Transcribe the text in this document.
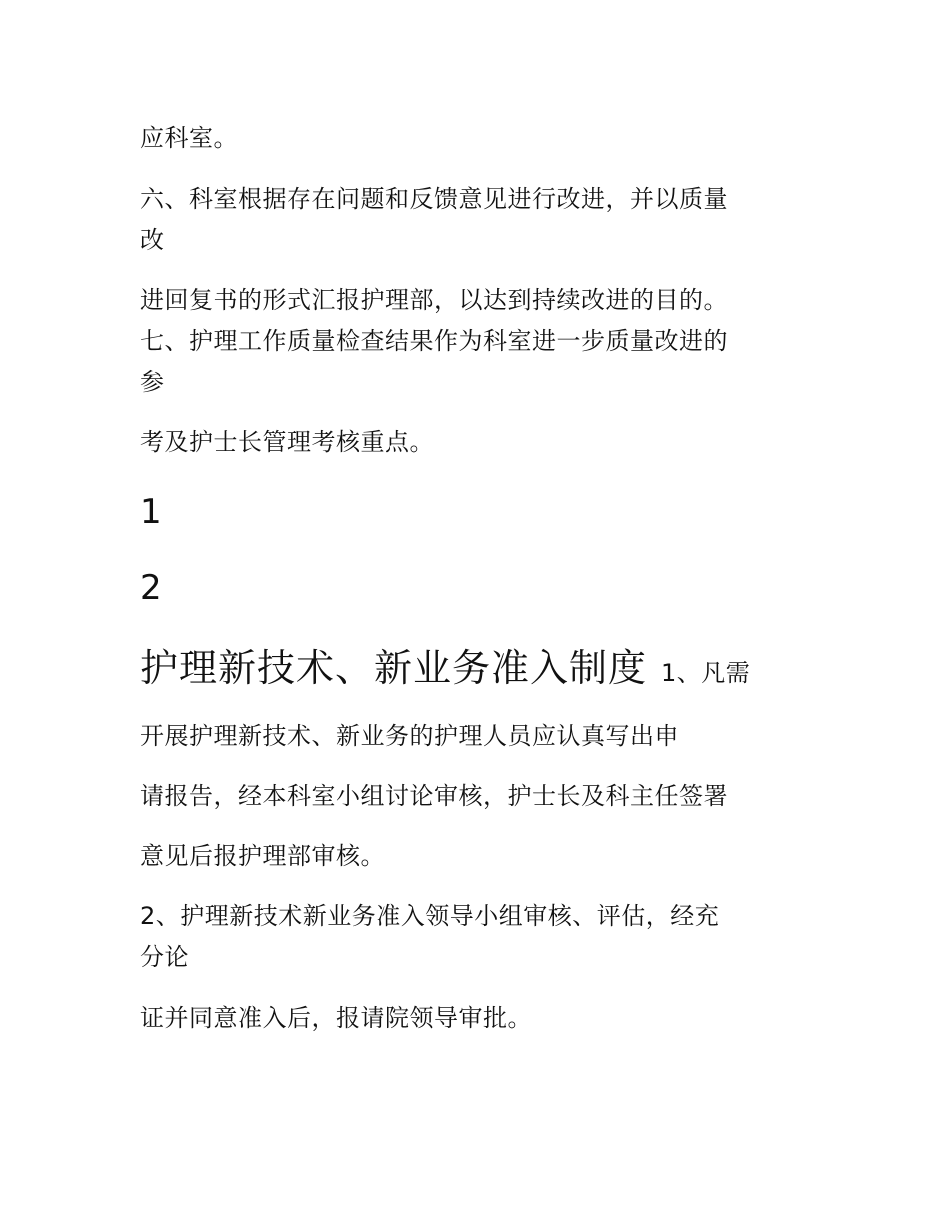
应科室。

六、科室根据存在问题和反馈意见进行改进，并以质量

改

进回复书的形式汇报护理部，以达到持续改进的目的。

七、护理工作质量检查结果作为科室进一步质量改进的

参

考及护士长管理考核重点。

1

2

护理新技术、新业务准入制度 1、凡需

开展护理新技术、新业务的护理人员应认真写出申

请报告，经本科室小组讨论审核，护士长及科主任签署

意见后报护理部审核。

2、护理新技术新业务准入领导小组审核、评估，经充

分论

证并同意准入后，报请院领导审批。
